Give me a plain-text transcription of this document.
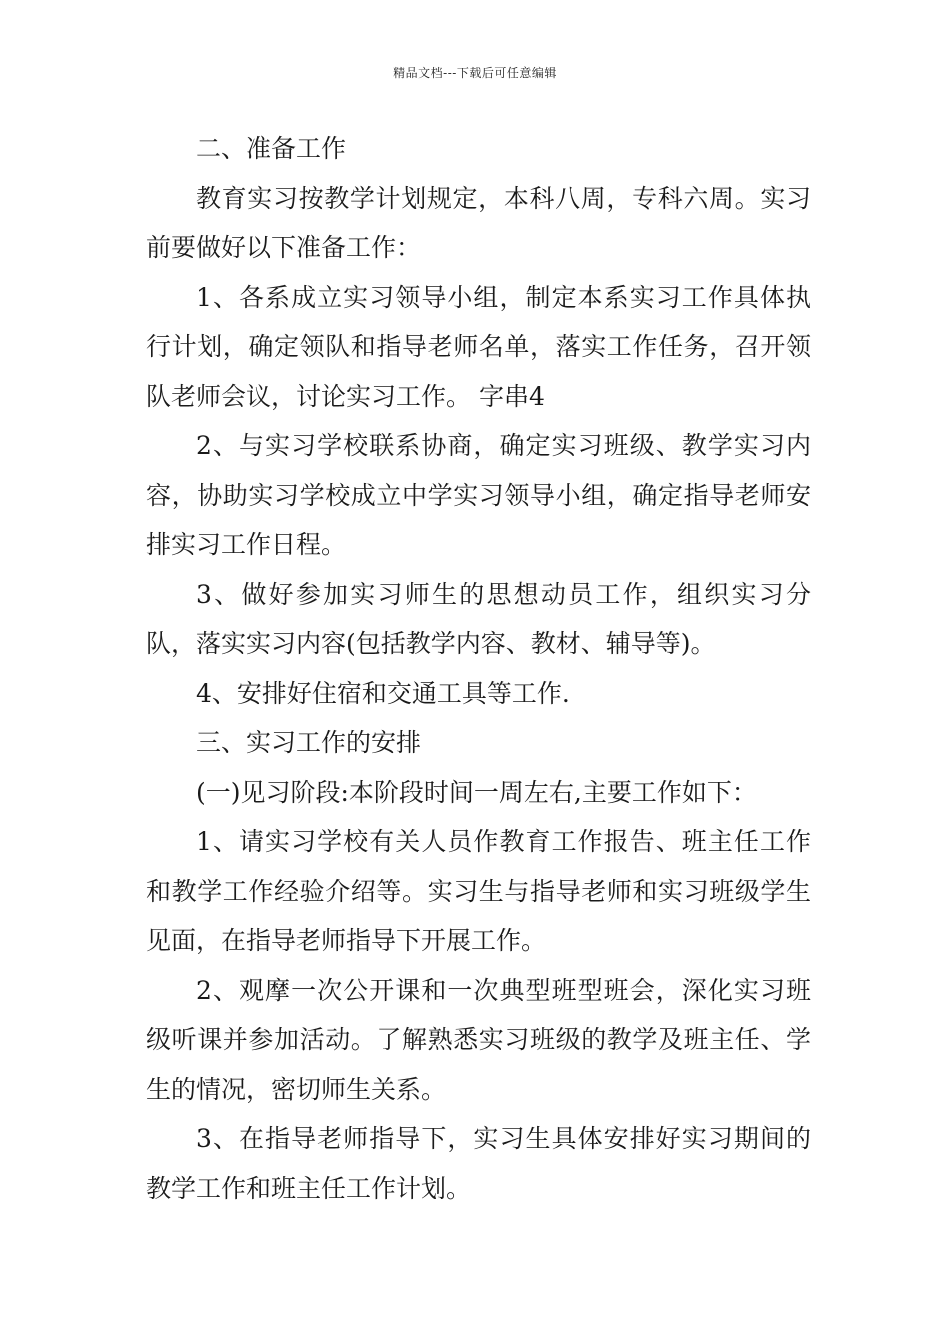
精品文档---下载后可任意编辑

二、准备工作

教育实习按教学计划规定，本科八周，专科六周。实习前要做好以下准备工作：

1、各系成立实习领导小组，制定本系实习工作具体执行计划，确定领队和指导老师名单，落实工作任务，召开领队老师会议，讨论实习工作。 字串4

2、与实习学校联系协商，确定实习班级、教学实习内容，协助实习学校成立中学实习领导小组，确定指导老师安排实习工作日程。

3、做好参加实习师生的思想动员工作，组织实习分队，落实实习内容(包括教学内容、教材、辅导等)。

4、安排好住宿和交通工具等工作.

三、实习工作的安排

(一)见习阶段:本阶段时间一周左右,主要工作如下：

1、请实习学校有关人员作教育工作报告、班主任工作和教学工作经验介绍等。实习生与指导老师和实习班级学生见面，在指导老师指导下开展工作。

2、观摩一次公开课和一次典型班型班会，深化实习班级听课并参加活动。了解熟悉实习班级的教学及班主任、学生的情况，密切师生关系。

3、在指导老师指导下，实习生具体安排好实习期间的教学工作和班主任工作计划。
